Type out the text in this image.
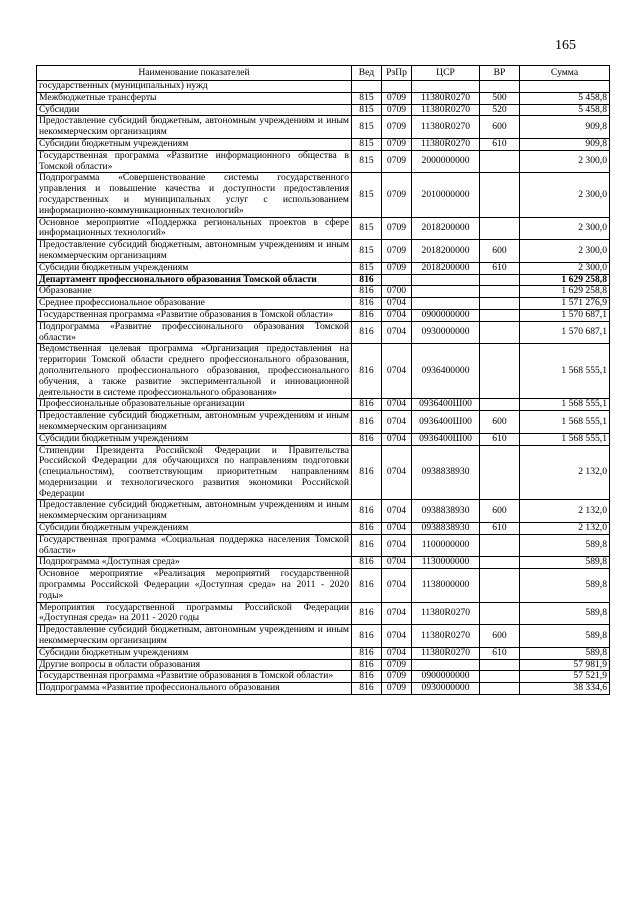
165
Наименование показателей	Вед	РзПр	ЦСР	ВР	Сумма
государственных (муниципальных) нужд					
Межбюджетные трансферты	815	0709	11380R0270	500	5 458,8
Субсидии	815	0709	11380R0270	520	5 458,8
Предоставление субсидий бюджетным, автономным учреждениям и иным некоммерческим организациям	815	0709	11380R0270	600	909,8
Субсидии бюджетным учреждениям	815	0709	11380R0270	610	909,8
Государственная программа «Развитие информационного общества в Томской области»	815	0709	2000000000		2 300,0
Подпрограмма «Совершенствование системы государственного управления и повышение качества и доступности предоставления государственных и муниципальных услуг с использованием информационно-коммуникационных технологий»	815	0709	2010000000		2 300,0
Основное мероприятие «Поддержка региональных проектов в сфере информационных технологий»	815	0709	2018200000		2 300,0
Предоставление субсидий бюджетным, автономным учреждениям и иным некоммерческим организациям	815	0709	2018200000	600	2 300,0
Субсидии бюджетным учреждениям	815	0709	2018200000	610	2 300,0
Департамент профессионального образования Томской области	816				1 629 258,8
Образование	816	0700			1 629 258,8
Среднее профессиональное образование	816	0704			1 571 276,9
Государственная программа «Развитие образования в Томской области»	816	0704	0900000000		1 570 687,1
Подпрограмма «Развитие профессионального образования Томской области»	816	0704	0930000000		1 570 687,1
Ведомственная целевая программа «Организация предоставления на территории Томской области среднего профессионального образования, дополнительного профессионального образования, профессионального обучения, а также развитие экспериментальной и инновационной деятельности в системе профессионального образования»	816	0704	0936400000		1 568 555,1
Профессиональные образовательные организации	816	0704	0936400Ш00		1 568 555,1
Предоставление субсидий бюджетным, автономным учреждениям и иным некоммерческим организациям	816	0704	0936400Ш00	600	1 568 555,1
Субсидии бюджетным учреждениям	816	0704	0936400Ш00	610	1 568 555,1
Стипендии Президента Российской Федерации и Правительства Российской Федерации для обучающихся по направлениям подготовки (специальностям), соответствующим приоритетным направлениям модернизации и технологического развития экономики Российской Федерации	816	0704	0938838930		2 132,0
Предоставление субсидий бюджетным, автономным учреждениям и иным некоммерческим организациям	816	0704	0938838930	600	2 132,0
Субсидии бюджетным учреждениям	816	0704	0938838930	610	2 132,0
Государственная программа «Социальная поддержка населения Томской области»	816	0704	1100000000		589,8
Подпрограмма «Доступная среда»	816	0704	1130000000		589,8
Основное мероприятие «Реализация мероприятий государственной программы Российской Федерации «Доступная среда» на 2011 - 2020 годы»	816	0704	1138000000		589,8
Мероприятия государственной программы Российской Федерации «Доступная среда» на 2011 - 2020 годы	816	0704	11380R0270		589,8
Предоставление субсидий бюджетным, автономным учреждениям и иным некоммерческим организациям	816	0704	11380R0270	600	589,8
Субсидии бюджетным учреждениям	816	0704	11380R0270	610	589,8
Другие вопросы в области образования	816	0709			57 981,9
Государственная программа «Развитие образования в Томской области»	816	0709	0900000000		57 521,9
Подпрограмма «Развитие профессионального образования	816	0709	0930000000		38 334,6
